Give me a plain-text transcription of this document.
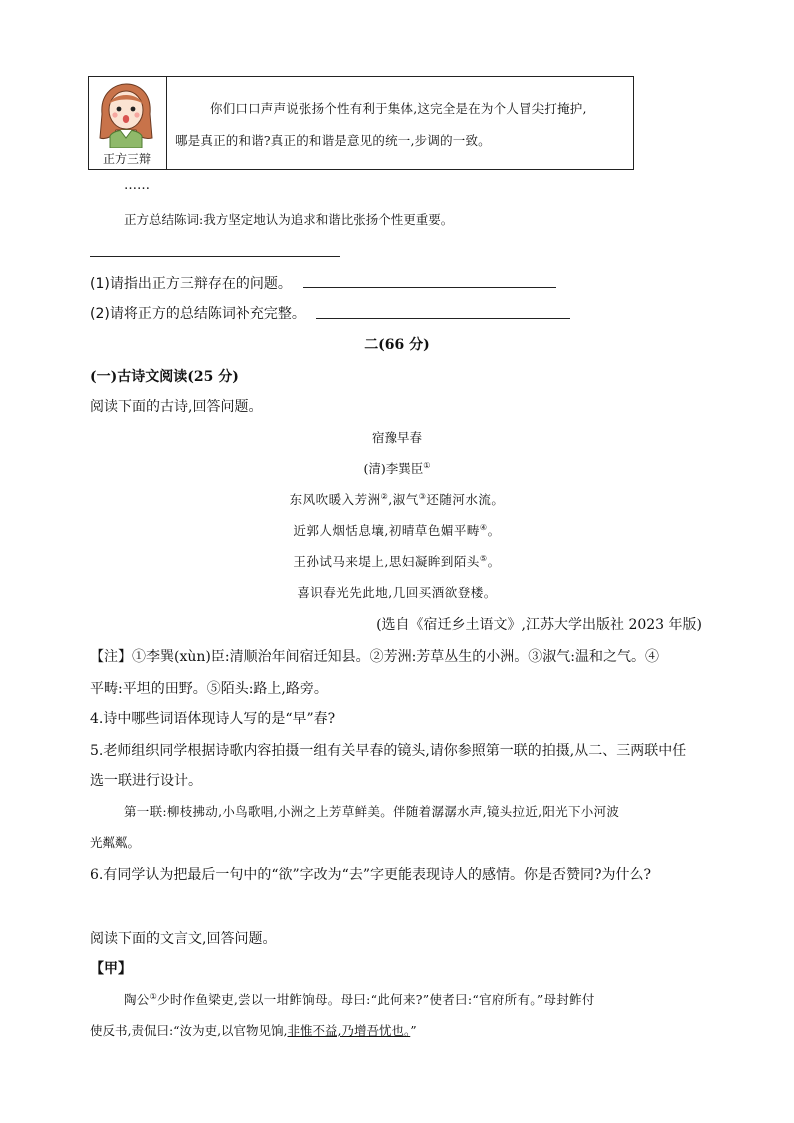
正方三辩
你们口口声声说张扬个性有利于集体,这完全是在为个人冒尖打掩护,
哪是真正的和谐?真正的和谐是意见的统一,步调的一致。
……
正方总结陈词:我方坚定地认为追求和谐比张扬个性更重要。
(1)请指出正方三辩存在的问题。
(2)请将正方的总结陈词补充完整。
二(66 分)
(一)古诗文阅读(25 分)
阅读下面的古诗,回答问题。
宿豫早春
(清)李巽臣①
东风吹暖入芳洲②,淑气③还随河水流。
近郭人烟恬息壤,初晴草色媚平畴④。
王孙试马来堤上,思妇凝眸到陌头⑤。
喜识春光先此地,几回买酒欲登楼。
(选自《宿迁乡土语文》,江苏大学出版社 2023 年版)
【注】①李巽(xùn)臣:清顺治年间宿迁知县。②芳洲:芳草丛生的小洲。③淑气:温和之气。④
平畴:平坦的田野。⑤陌头:路上,路旁。
4.诗中哪些词语体现诗人写的是“早”春?
5.老师组织同学根据诗歌内容拍摄一组有关早春的镜头,请你参照第一联的拍摄,从二、三两联中任
选一联进行设计。
第一联:柳枝拂动,小鸟歌唱,小洲之上芳草鲜美。伴随着潺潺水声,镜头拉近,阳光下小河波
光粼粼。
6.有同学认为把最后一句中的“欲”字改为“去”字更能表现诗人的感情。你是否赞同?为什么?
阅读下面的文言文,回答问题。
【甲】
陶公①少时作鱼梁吏,尝以一坩鲊饷母。母曰:“此何来?”使者曰:“官府所有。”母封鲊付
使反书,责侃曰:“汝为吏,以官物见饷,非惟不益,乃增吾忧也。”
